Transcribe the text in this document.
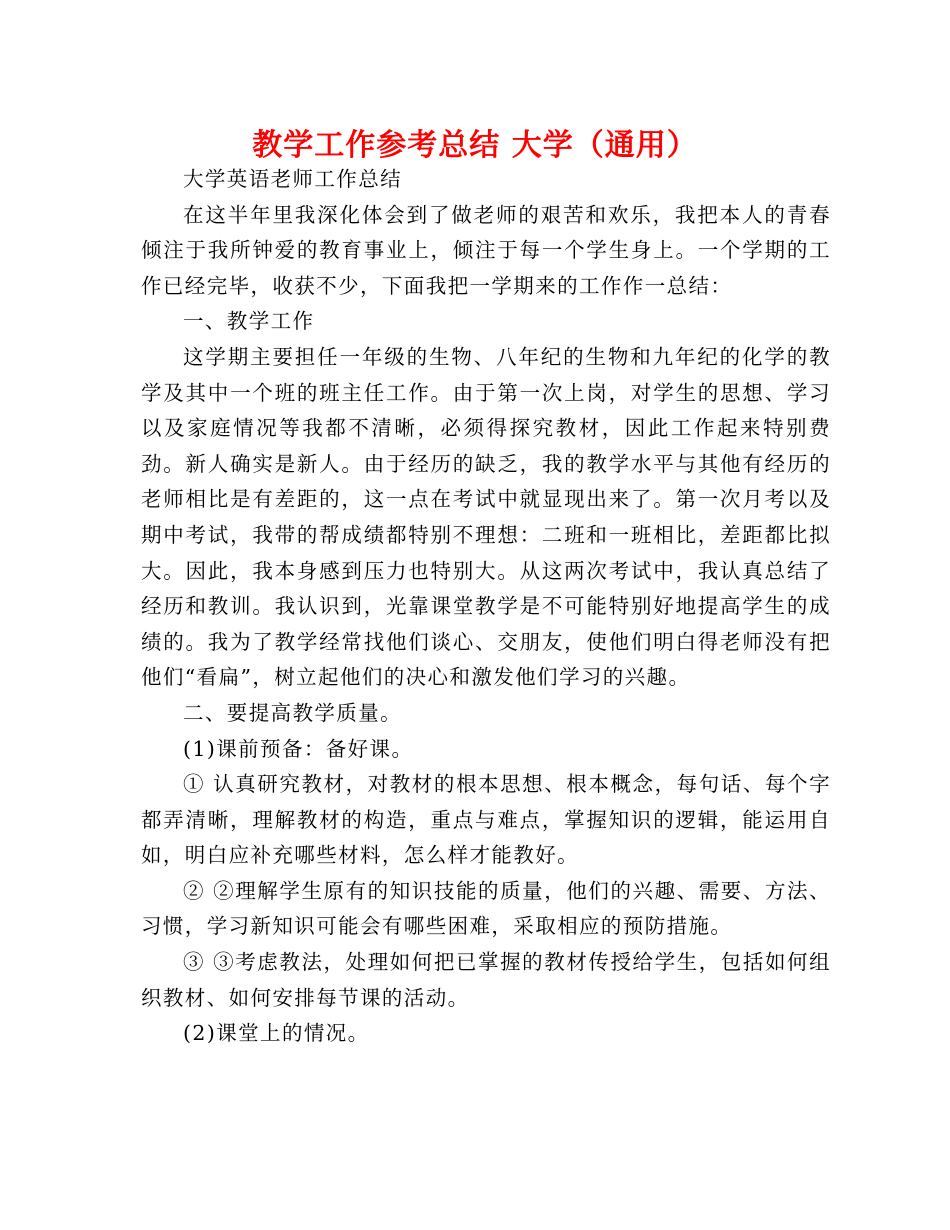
教学工作参考总结 大学（通用）

大学英语老师工作总结

在这半年里我深化体会到了做老师的艰苦和欢乐，我把本人的青春倾注于我所钟爱的教育事业上，倾注于每一个学生身上。一个学期的工作已经完毕，收获不少，下面我把一学期来的工作作一总结：

一、教学工作

这学期主要担任一年级的生物、八年纪的生物和九年纪的化学的教学及其中一个班的班主任工作。由于第一次上岗，对学生的思想、学习以及家庭情况等我都不清晰，必须得探究教材，因此工作起来特别费劲。新人确实是新人。由于经历的缺乏，我的教学水平与其他有经历的老师相比是有差距的，这一点在考试中就显现出来了。第一次月考以及期中考试，我带的帮成绩都特别不理想：二班和一班相比，差距都比拟大。因此，我本身感到压力也特别大。从这两次考试中，我认真总结了经历和教训。我认识到，光靠课堂教学是不可能特别好地提高学生的成绩的。我为了教学经常找他们谈心、交朋友，使他们明白得老师没有把他们“看扁”，树立起他们的决心和激发他们学习的兴趣。

二、要提高教学质量。

(1)课前预备：备好课。

① 认真研究教材，对教材的根本思想、根本概念，每句话、每个字都弄清晰，理解教材的构造，重点与难点，掌握知识的逻辑，能运用自如，明白应补充哪些材料，怎么样才能教好。

② ②理解学生原有的知识技能的质量，他们的兴趣、需要、方法、习惯，学习新知识可能会有哪些困难，采取相应的预防措施。

③ ③考虑教法，处理如何把已掌握的教材传授给学生，包括如何组织教材、如何安排每节课的活动。

(2)课堂上的情况。
